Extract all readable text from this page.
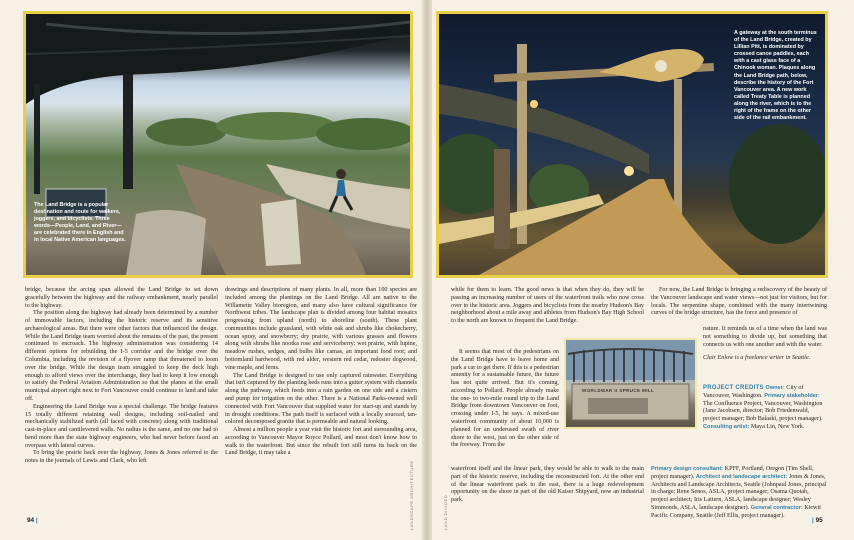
The Land Bridge is a popular destination and route for walkers, joggers, and bicyclists. Three words—People, Land, and River—are celebrated there in English and in local Native American languages.
A gateway at the south terminus of the Land Bridge, created by Lillian Pitt, is dominated by crossed canoe paddles, each with a cast glass face of a Chinook woman. Plaques along the Land Bridge path, below, describe the history of the Fort Vancouver area. A new work called Treaty Table is planned along the river, which is to the right of the frame on the other side of the rail embankment.

bridge, because the arcing span allowed the Land Bridge to set down gracefully between the highway and the railway embankment, nearly parallel to the highway.

The position along the highway had already been determined by a number of immovable factors, including the historic reserve and its sensitive archaeological areas. But there were other factors that influenced the design. While the Land Bridge team worried about the remains of the past, the present continued to encroach. The highway administration was considering 14 different options for rebuilding the I-5 corridor and the bridge over the Columbia, including the revision of a flyover ramp that threatened to loom over the bridge. While the design team struggled to keep the deck high enough to afford views over the interchange, they had to keep it low enough to satisfy the Federal Aviation Administration so that the planes at the small municipal airport right next to Fort Vancouver could continue to land and take off.

Engineering the Land Bridge was a special challenge. The bridge features 15 totally different retaining wall designs, including soil-nailed and mechanically stabilized earth (all faced with concrete) along with traditional cast-in-place and cantilevered walls. No radius is the same, and no one had to bend more than the state highway engineers, who had never before faced an overpass with lateral curves.

To bring the prairie back over the highway, Jones & Jones referred to the notes in the journals of Lewis and Clark, who left

drawings and descriptions of many plants. In all, more than 100 species are included among the plantings on the Land Bridge. All are native to the Willamette Valley bioregion, and many also have cultural significance for Northwest tribes. The landscape plan is divided among four habitat mosaics progressing from upland (north) to shoreline (south). These plant communities include grassland, with white oak and shrubs like chokecherry, ocean spray, and snowberry; dry prairie, with various grasses and flowers along with shrubs like nootka rose and serviceberry; wet prairie, with lupine, meadow rushes, sedges, and bulbs like camas, an important food root; and bottomland hardwood, with red alder, western red cedar, redosier dogwood, vine maple, and ferns.

The Land Bridge is designed to use only captured rainwater. Everything that isn't captured by the planting beds runs into a gutter system with channels along the pathway, which feeds into a rain garden on one side and a cistern and pump for irrigation on the other. There is a National Parks-owned well connected with Fort Vancouver that supplied water for start-up and stands by in drought conditions. The path itself is surfaced with a locally sourced, tan-colored decomposed granite that is permeable and natural looking.

Almost a million people a year visit the historic fort and surrounding area, according to Vancouver Mayor Royce Pollard, and most don't know how to walk to the waterfront. But since the rebuilt fort still turns its back on the Land Bridge, it may take a

LANDSCAPE ARCHITECTURE	LAND DIVIDED

while for them to learn. The good news is that when they do, they will be passing an increasing number of users of the waterfront trails who now cross over to the historic area. Joggers and bicyclists from the nearby Hudson's Bay neighborhood about a mile away and athletes from Hudson's Bay High School to the north are known to frequent the Land Bridge.

It seems that most of the pedestrians on the Land Bridge have to leave home and park a car to get there. If this is a pedestrian amenity for a sustainable future, the future has not quite arrived. But it's coming, according to Pollard. People already make the one- to two-mile round trip to the Land Bridge from downtown Vancouver on foot, crossing under I-5, he says. A mixed-use waterfront community of about 10,000 is planned for an underused swath of river shore to the west, just on the other side of the freeway. From the

waterfront itself and the linear park, they would be able to walk to the main part of the historic reserve, including the reconstructed fort. At the other end of the linear waterfront park to the east, there is a huge redevelopment opportunity on the shore in part of the old Kaiser Shipyard, now an industrial park.

WORLDWAR II SPRUCE MILL

For now, the Land Bridge is bringing a rediscovery of the beauty of the Vancouver landscape and water views—not just for visitors, but for locals. The serpentine shape, combined with the many intertwining curves of the bridge structure, has the force and presence of

nature. It reminds us of a time when the land was not something to divide up, but something that connects us with one another and with the water.

Clair Enlow is a freelance writer in Seattle.

PROJECT CREDITS Owner: City of Vancouver, Washington. Primary stakeholder: The Confluence Project, Vancouver, Washington (Jane Jacobsen, director; Bob Friedenwald, project manager; Bob Balaski, project manager). Consulting artist: Maya Lin, New York.

Primary design consultant: KPFF, Portland, Oregon (Tim Shell, project manager). Architect and landscape architect: Jones & Jones, Architects and Landscape Architects, Seattle (Johnpaul Jones, principal in charge; Rene Senos, ASLA, project manager; Osama Quotah, project architect; Iris Lattern, ASLA, landscape designer; Wesley Simmonds, ASLA, landscape designer). General contractor: Kiewit Pacific Company, Seattle (Jeff Ellis, project manager).

94 |	| 95
